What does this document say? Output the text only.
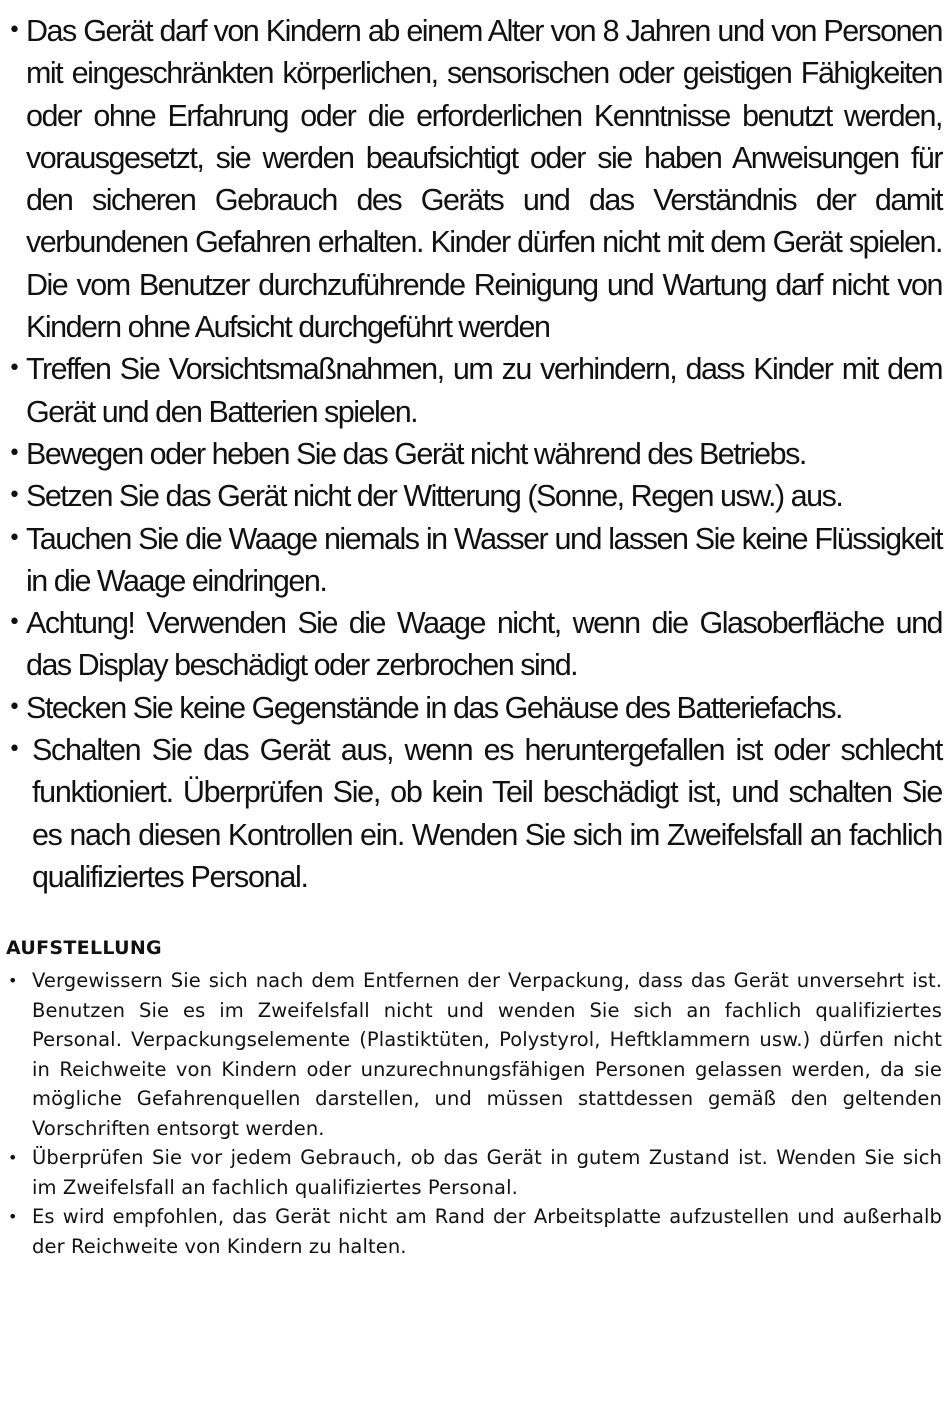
• Das Gerät darf von Kindern ab einem Alter von 8 Jahren und von Personen mit eingeschränkten körperlichen, sensorischen oder geistigen Fähigkeiten oder ohne Erfahrung oder die erforderlichen Kenntnisse benutzt werden, vorausgesetzt, sie werden beaufsichtigt oder sie haben Anweisungen für den sicheren Gebrauch des Geräts und das Verständnis der damit verbundenen Gefahren erhalten. Kinder dürfen nicht mit dem Gerät spielen. Die vom Benutzer durchzuführende Reinigung und Wartung darf nicht von Kindern ohne Aufsicht durchgeführt werden
• Treffen Sie Vorsichtsmaßnahmen, um zu verhindern, dass Kinder mit dem Gerät und den Batterien spielen.
• Bewegen oder heben Sie das Gerät nicht während des Betriebs.
• Setzen Sie das Gerät nicht der Witterung (Sonne, Regen usw.) aus.
• Tauchen Sie die Waage niemals in Wasser und lassen Sie keine Flüssigkeit in die Waage eindringen.
• Achtung! Verwenden Sie die Waage nicht, wenn die Glasoberfläche und das Display beschädigt oder zerbrochen sind.
• Stecken Sie keine Gegenstände in das Gehäuse des Batteriefachs.
• Schalten Sie das Gerät aus, wenn es heruntergefallen ist oder schlecht funktioniert. Überprüfen Sie, ob kein Teil beschädigt ist, und schalten Sie es nach diesen Kontrollen ein. Wenden Sie sich im Zweifelsfall an fachlich qualifiziertes Personal.
AUFSTELLUNG
• Vergewissern Sie sich nach dem Entfernen der Verpackung, dass das Gerät unversehrt ist. Benutzen Sie es im Zweifelsfall nicht und wenden Sie sich an fachlich qualifiziertes Personal. Verpackungselemente (Plastiktüten, Polystyrol, Heftklammern usw.) dürfen nicht in Reichweite von Kindern oder unzurechnungsfähigen Personen gelassen werden, da sie mögliche Gefahrenquellen darstellen, und müssen stattdessen gemäß den geltenden Vorschriften entsorgt werden.
• Überprüfen Sie vor jedem Gebrauch, ob das Gerät in gutem Zustand ist. Wenden Sie sich im Zweifelsfall an fachlich qualifiziertes Personal.
• Es wird empfohlen, das Gerät nicht am Rand der Arbeitsplatte aufzustellen und außerhalb der Reichweite von Kindern zu halten.
